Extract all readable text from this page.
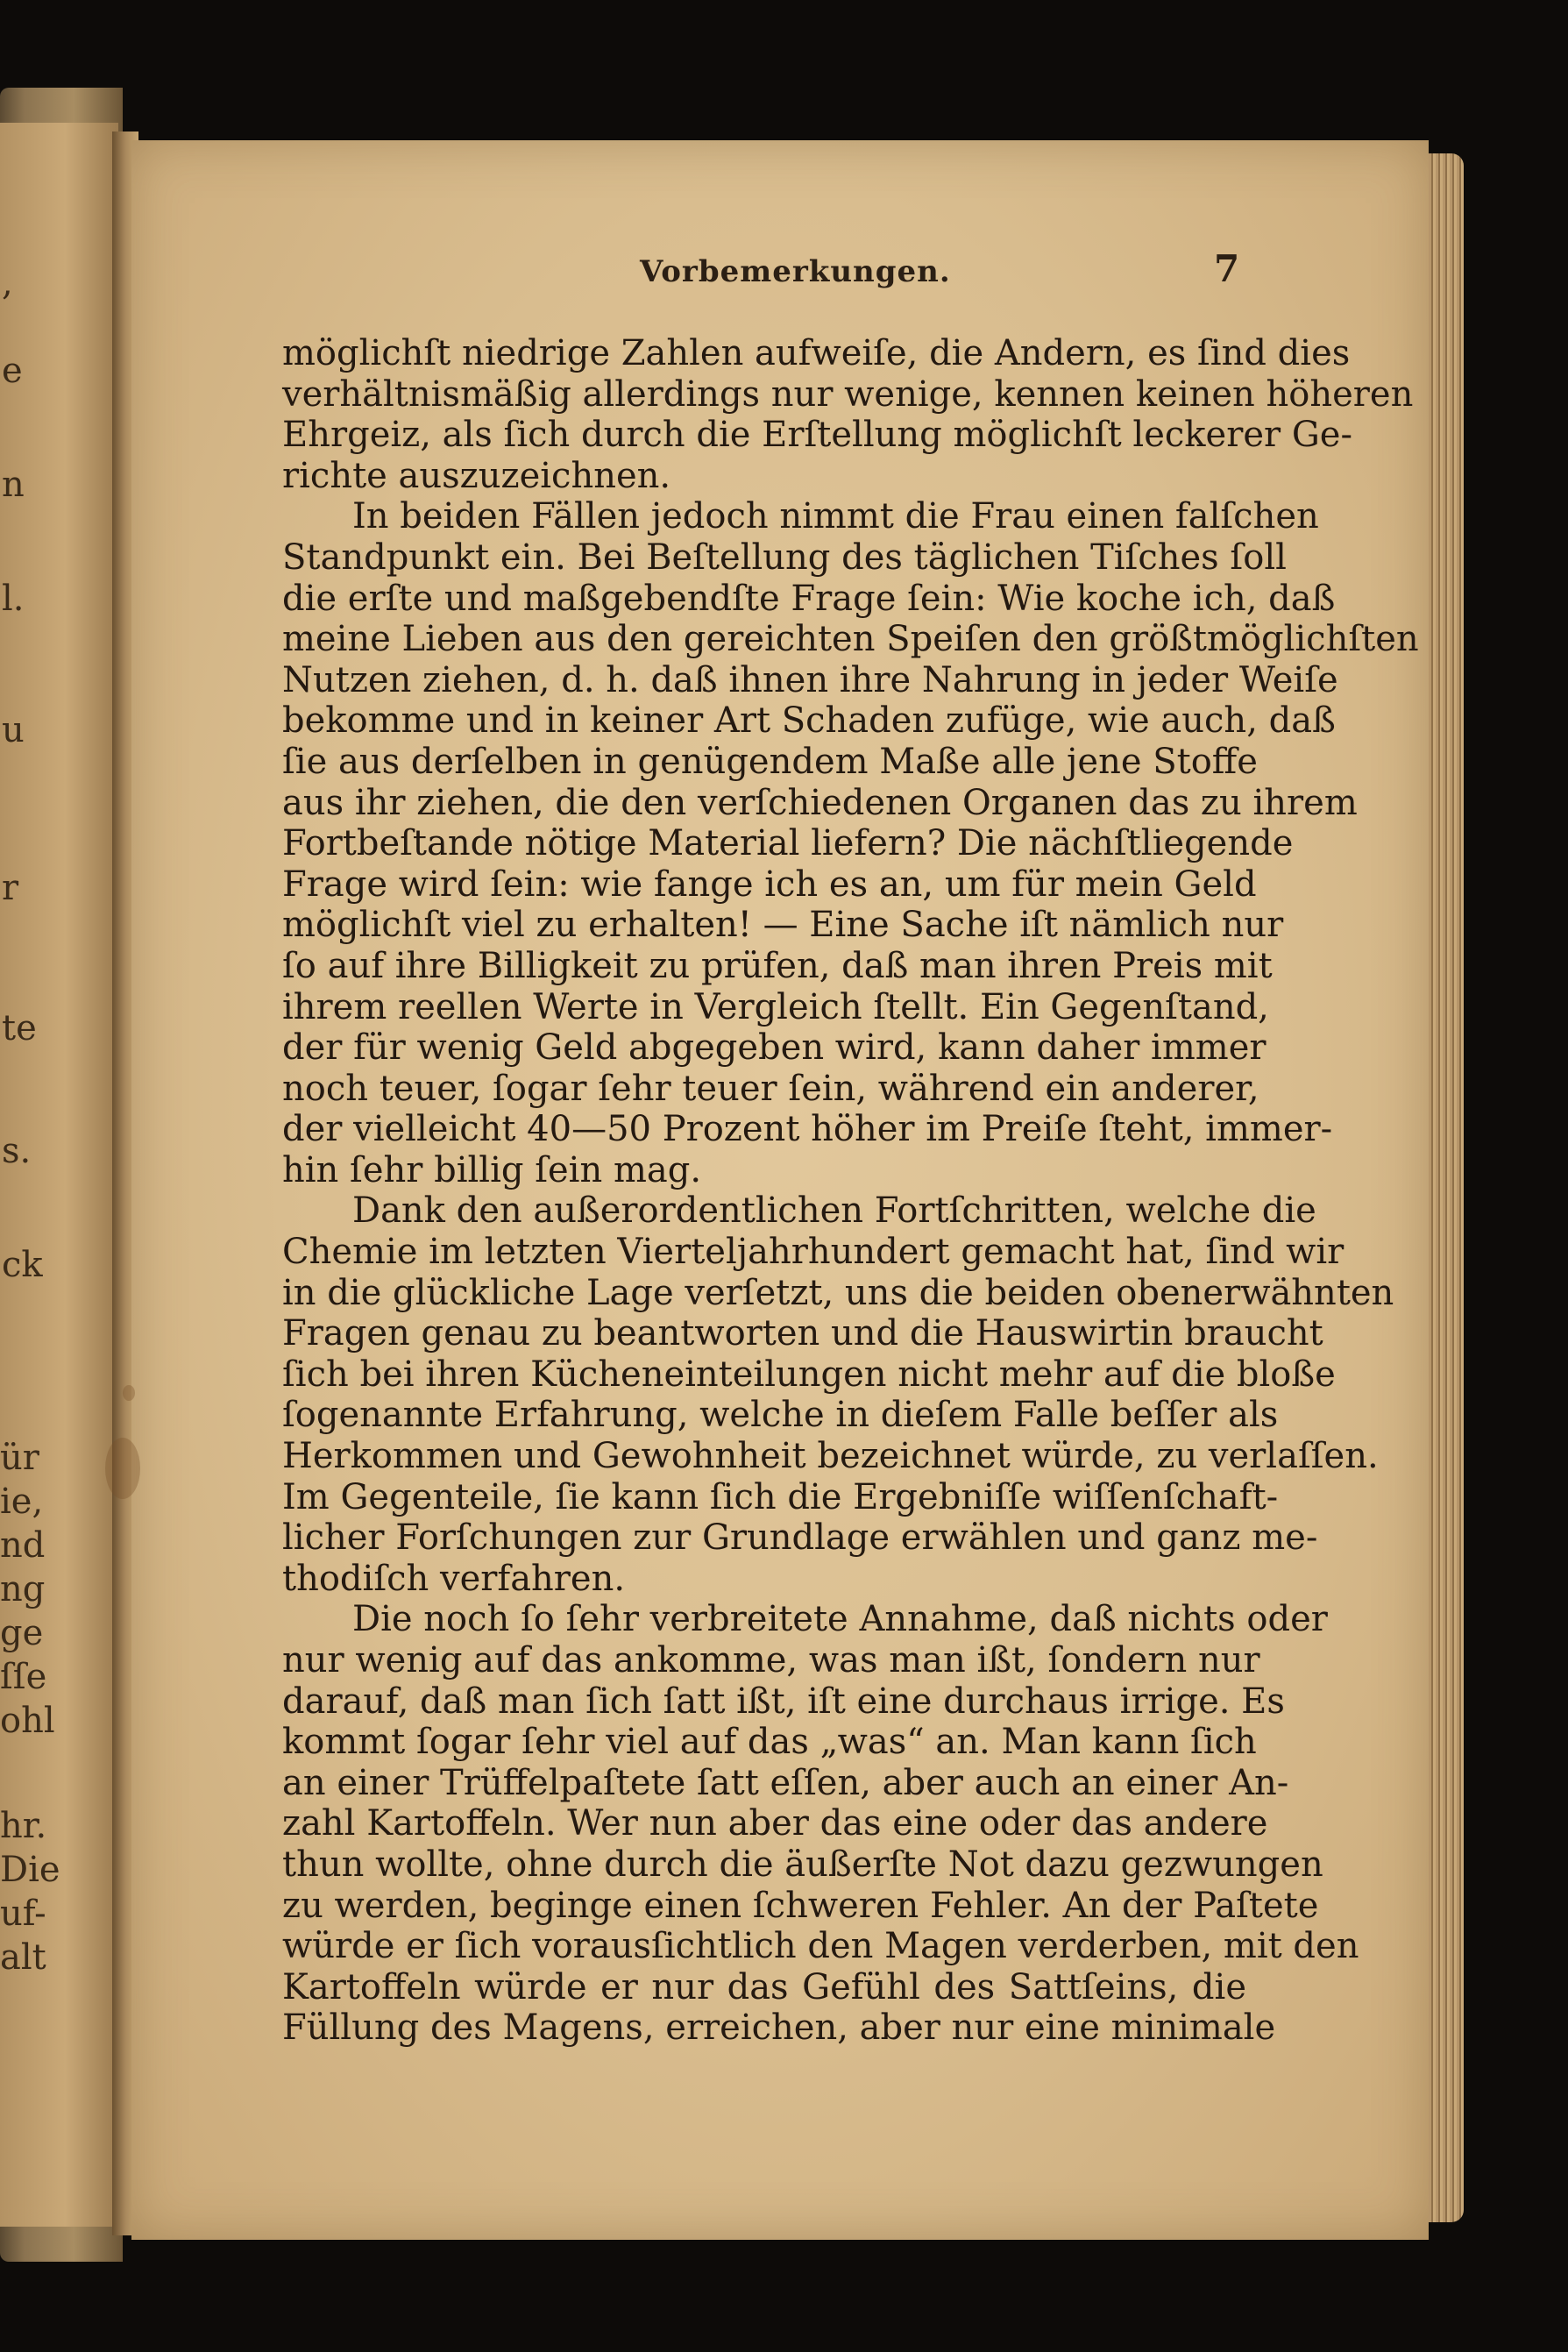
,
e
n
l.
u
r
te
s.
ck
ür
ie,
nd
ng
ge
ſſe
ohl
hr.
Die
uf-
alt
Vorbemerkungen.	7
möglichſt niedrige Zahlen aufweiſe, die Andern, es ſind dies
verhältnismäßig allerdings nur wenige, kennen keinen höheren
Ehrgeiz, als ſich durch die Erſtellung möglichſt leckerer Ge-
richte auszuzeichnen.
In beiden Fällen jedoch nimmt die Frau einen falſchen
Standpunkt ein. Bei Beſtellung des täglichen Tiſches ſoll
die erſte und maßgebendſte Frage ſein: Wie koche ich, daß
meine Lieben aus den gereichten Speiſen den größtmöglichſten
Nutzen ziehen, d. h. daß ihnen ihre Nahrung in jeder Weiſe
bekomme und in keiner Art Schaden zufüge, wie auch, daß
ſie aus derſelben in genügendem Maße alle jene Stoffe
aus ihr ziehen, die den verſchiedenen Organen das zu ihrem
Fortbeſtande nötige Material liefern? Die nächſtliegende
Frage wird ſein: wie fange ich es an, um für mein Geld
möglichſt viel zu erhalten! — Eine Sache iſt nämlich nur
ſo auf ihre Billigkeit zu prüfen, daß man ihren Preis mit
ihrem reellen Werte in Vergleich ſtellt. Ein Gegenſtand,
der für wenig Geld abgegeben wird, kann daher immer
noch teuer, ſogar ſehr teuer ſein, während ein anderer,
der vielleicht 40—50 Prozent höher im Preiſe ſteht, immer-
hin ſehr billig ſein mag.
Dank den außerordentlichen Fortſchritten, welche die
Chemie im letzten Vierteljahrhundert gemacht hat, ſind wir
in die glückliche Lage verſetzt, uns die beiden obenerwähnten
Fragen genau zu beantworten und die Hauswirtin braucht
ſich bei ihren Kücheneinteilungen nicht mehr auf die bloße
ſogenannte Erfahrung, welche in dieſem Falle beſſer als
Herkommen und Gewohnheit bezeichnet würde, zu verlaſſen.
Im Gegenteile, ſie kann ſich die Ergebniſſe wiſſenſchaft-
licher Forſchungen zur Grundlage erwählen und ganz me-
thodiſch verfahren.
Die noch ſo ſehr verbreitete Annahme, daß nichts oder
nur wenig auf das ankomme, was man ißt, ſondern nur
darauf, daß man ſich ſatt ißt, iſt eine durchaus irrige. Es
kommt ſogar ſehr viel auf das „was“ an. Man kann ſich
an einer Trüffelpaſtete ſatt eſſen, aber auch an einer An-
zahl Kartoffeln. Wer nun aber das eine oder das andere
thun wollte, ohne durch die äußerſte Not dazu gezwungen
zu werden, beginge einen ſchweren Fehler. An der Paſtete
würde er ſich vorausſichtlich den Magen verderben, mit den
Kartoffeln würde er nur das Gefühl des Sattſeins, die
Füllung des Magens, erreichen, aber nur eine minimale
